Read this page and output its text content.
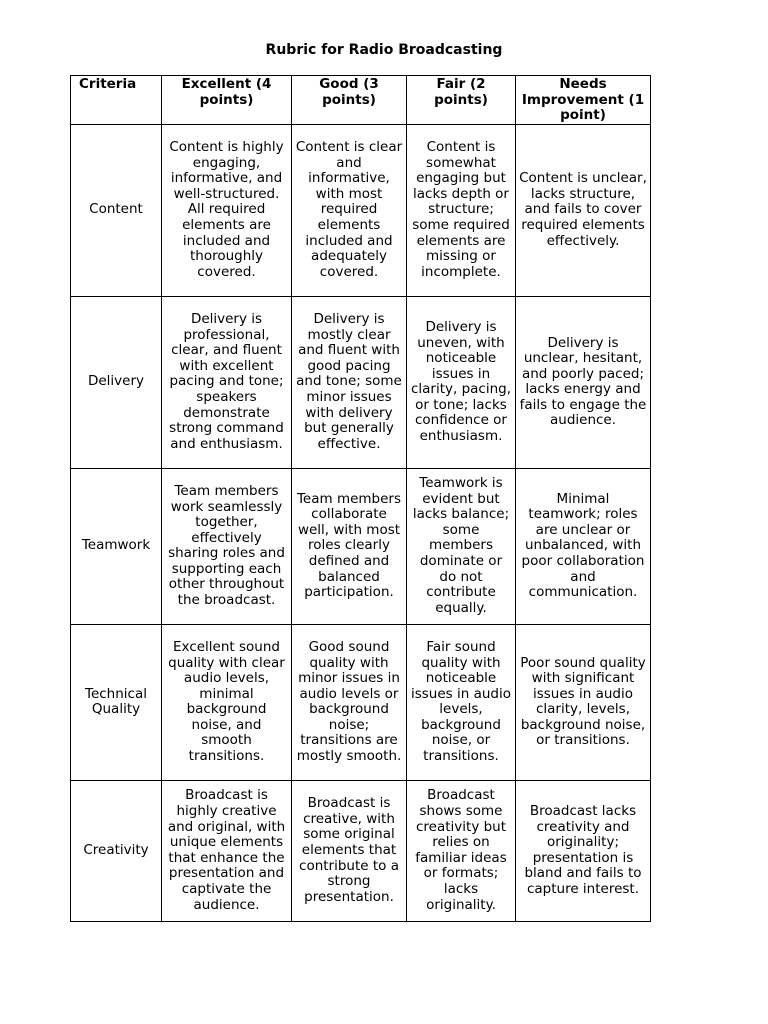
Rubric for Radio Broadcasting
Criteria	Excellent (4 points)	Good (3 points)	Fair (2 points)	Needs Improvement (1 point)
Content	Content is highly engaging, informative, and well-structured. All required elements are included and thoroughly covered.	Content is clear and informative, with most required elements included and adequately covered.	Content is somewhat engaging but lacks depth or structure; some required elements are missing or incomplete.	Content is unclear, lacks structure, and fails to cover required elements effectively.
Delivery	Delivery is professional, clear, and fluent with excellent pacing and tone; speakers demonstrate strong command and enthusiasm.	Delivery is mostly clear and fluent with good pacing and tone; some minor issues with delivery but generally effective.	Delivery is uneven, with noticeable issues in clarity, pacing, or tone; lacks confidence or enthusiasm.	Delivery is unclear, hesitant, and poorly paced; lacks energy and fails to engage the audience.
Teamwork	Team members work seamlessly together, effectively sharing roles and supporting each other throughout the broadcast.	Team members collaborate well, with most roles clearly defined and balanced participation.	Teamwork is evident but lacks balance; some members dominate or do not contribute equally.	Minimal teamwork; roles are unclear or unbalanced, with poor collaboration and communication.
Technical Quality	Excellent sound quality with clear audio levels, minimal background noise, and smooth transitions.	Good sound quality with minor issues in audio levels or background noise; transitions are mostly smooth.	Fair sound quality with noticeable issues in audio levels, background noise, or transitions.	Poor sound quality with significant issues in audio clarity, levels, background noise, or transitions.
Creativity	Broadcast is highly creative and original, with unique elements that enhance the presentation and captivate the audience.	Broadcast is creative, with some original elements that contribute to a strong presentation.	Broadcast shows some creativity but relies on familiar ideas or formats; lacks originality.	Broadcast lacks creativity and originality; presentation is bland and fails to capture interest.
